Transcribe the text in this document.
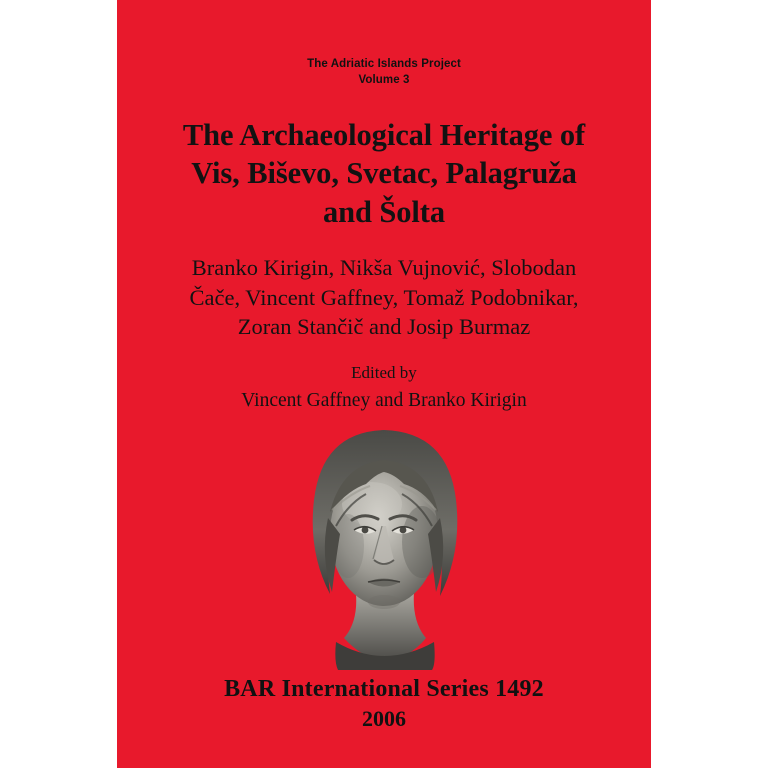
The Adriatic Islands Project
Volume 3
The Archaeological Heritage of
Vis, Biševo, Svetac, Palagruža
and Šolta
Branko Kirigin, Nikša Vujnović, Slobodan
Čače, Vincent Gaffney, Tomaž Podobnikar,
Zoran Stančič and Josip Burmaz
Edited by
Vincent Gaffney and Branko Kirigin
BAR International Series 1492
2006
